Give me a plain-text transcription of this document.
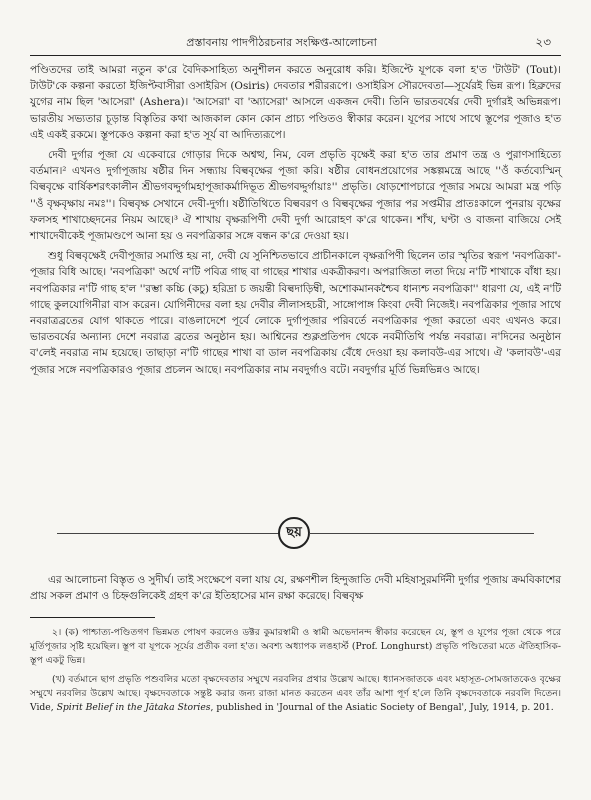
প্রস্তাবনায় পাদপীঠরচনার সংক্ষিপ্ত-আলোচনা	২৩

পণ্ডিতদের তাই আমরা নতুন ক'রে বৈদিকসাহিত্য অনুশীলন করতে অনুরোধ করি। ইজিপ্টে যূপকে বলা হ'ত 'টাউট' (Tout)। টাউট'কে কল্পনা করতো ইজিপ্টবাসীরা ওসাইরিস (Osiris) দেবতার শরীররূপে। ওসাইরিস সৌরদেবতা—সূর্যেরই ভিন্ন রূপ। হিব্রুদের যুগের নাম ছিল 'আসেরা' (Ashera)। 'আসেরা' বা 'অ্যাসেরা' আসলে একজন দেবী। তিনি ভারতবর্ষের দেবী দুর্গারই অভিন্নরূপ। ভারতীয় সভ্যতার চূড়ান্ত বিস্তৃতির কথা আজকাল কোন কোন প্রাচ্য পণ্ডিতও স্বীকার করেন। যূপের সাথে সাথে স্তূপের পূজাও হ'ত এই একই রকমে। স্তূপকেও কল্পনা করা হ'ত সূর্য বা আদিত্যরূপে।

দেবী দুর্গার পূজা যে একেবারে গোড়ার দিকে অশ্বত্থ, নিম, বেল প্রভৃতি বৃক্ষেই করা হ'ত তার প্রমাণ তন্ত্র ও পুরাণসাহিত্যে বর্তমান।² এখনও দুর্গাপূজায় ষষ্ঠীর দিন সন্ধ্যায় বিল্ববৃক্ষের পূজা করি। ষষ্ঠীর বোধনপ্রয়োগের সঙ্কল্পমন্ত্রে আছে ''ওঁ কর্তব্যেস্মিন্ বিল্ববৃক্ষে বার্ষিকশরৎকালীন শ্রীভগবদ্দুর্গামহাপূজাকর্মাদিভূত শ্রীভগবদ্দুর্গায়াঃ'' প্রভৃতি। ষোড়শোপচারে পূজার সময়ে আমরা মন্ত্র পড়ি ''ওঁ বৃক্ষবৃক্ষায় নমঃ''। বিল্ববৃক্ষ সেখানে দেবী-দুর্গা। ষষ্ঠীতিথিতে বিল্ববরণ ও বিল্ববৃক্ষের পূজার পর সপ্তমীর প্রাতঃকালে পুনরায় বৃক্ষের ফলসহ শাখাচ্ছেদনের নিয়ম আছে।³ ঐ শাখায় বৃক্ষরূপিণী দেবী দুর্গা আরোহণ ক'রে থাকেন। শাঁখ, ঘণ্টা ও বাজনা বাজিয়ে সেই শাখাদেবীকেই পূজামণ্ডপে আনা হয় ও নবপত্রিকার সঙ্গে বন্ধন ক'রে দেওয়া হয়।

শুধু বিল্ববৃক্ষেই দেবীপূজার সমাপ্তি হয় না, দেবী যে সুনিশ্চিতভাবে প্রাচীনকালে বৃক্ষরূপিণী ছিলেন তার স্মৃতির স্বরূপ 'নবপত্রিকা'-পূজার বিধি আছে। 'নবপত্রিকা' অর্থে ন'টি পবিত্র গাছ বা গাছের শাখার একত্রীকরণ। অপরাজিতা লতা দিয়ে ন'টি শাখাকে বাঁধা হয়। নবপত্রিকার ন'টি গাছ হ'ল ''রম্ভা কচ্চি (কচু) হরিদ্রা চ জয়ন্তী বিল্বদাড়িম্বী, অশোকমানকশ্চৈব ধান্যশ্চ নবপত্রিকা'' ধারণা যে, এই ন'টি গাছে কুলযোগিনীরা বাস করেন। যোগিনীদের বলা হয় দেবীর লীলাসহচরী, সাঙ্গোপাঙ্গ কিংবা দেবী নিজেই। নবপত্রিকার পূজার সাথে নবরাত্রব্রতের যোগ থাকতে পারে। বাঙলাদেশে পূর্বে লোকে দুর্গাপূজার পরিবর্তে নবপত্রিকার পূজা করতো এবং এখনও করে। ভারতবর্ষের অন্যান্য দেশে নবরাত্র ব্রতের অনুষ্ঠান হয়। আশ্বিনের শুক্লপ্রতিপদ থেকে নবমীতিথি পর্যন্ত নবরাত্র। ন'দিনের অনুষ্ঠান ব'লেই নবরাত্র নাম হয়েছে। তাছাড়া ন'টি গাছের শাখা বা ডাল নবপত্রিকায় বেঁধে দেওয়া হয় কলাবউ-এর সাথে। ঐ 'কলাবউ'-এর পূজার সঙ্গে নবপত্রিকারও পূজার প্রচলন আছে। নবপত্রিকার নাম নবদুর্গাও বটে। নবদুর্গার মূর্তি ভিন্নভিন্নও আছে।

ছয়

এর আলোচনা বিস্তৃত ও সুদীর্ঘ। তাই সংক্ষেপে বলা যায় যে, রক্ষণশীল হিন্দুজাতি দেবী মহিষাসুরমর্দিনী দুর্গার পূজায় ক্রমবিকাশের প্রায় সকল প্রমাণ ও চিহ্নগুলিকেই গ্রহণ ক'রে ইতিহাসের মান রক্ষা করেছে। বিল্ববৃক্ষ

২। (ক) পাশ্চাত্য-পণ্ডিতগণ ভিন্নমত পোষণ করলেও ডক্টর কুমারস্বামী ও স্বামী অভেদানন্দ স্বীকার করেছেন যে, স্তূপ ও যূপের পূজা থেকে পরে মূর্তিপূজার সৃষ্টি হয়েছিল। স্তূপ বা যূপকে সূর্যের প্রতীক বলা হ'ত। অবশ্য অধ্যাপক লঙহার্স্ট (Prof. Longhurst) প্রভৃতি পণ্ডিতেরা মতে ঐতিহাসিক-স্তূপ একটু ভিন্ন।

(খ) বর্তমানে ছাগ প্রভৃতি পশুবলির মতো বৃক্ষদেবতার সম্মুখে নরবলির প্রথার উল্লেখ আছে। ধ্যানসজাতকে এবং মহাসূত-সোমজাতকেও বৃক্ষের সম্মুখে নরবলির উল্লেখ আছে। বৃক্ষদেবতাকে সন্তুষ্ট করার জন্য রাজা মানত করতেন এবং তাঁর আশা পূর্ণ হ'লে তিনি বৃক্ষদেবতাকে নরবলি দিতেন। Vide, Spirit Belief in the Jātaka Stories, published in 'Journal of the Asiatic Society of Bengal', July, 1914, p. 201.
